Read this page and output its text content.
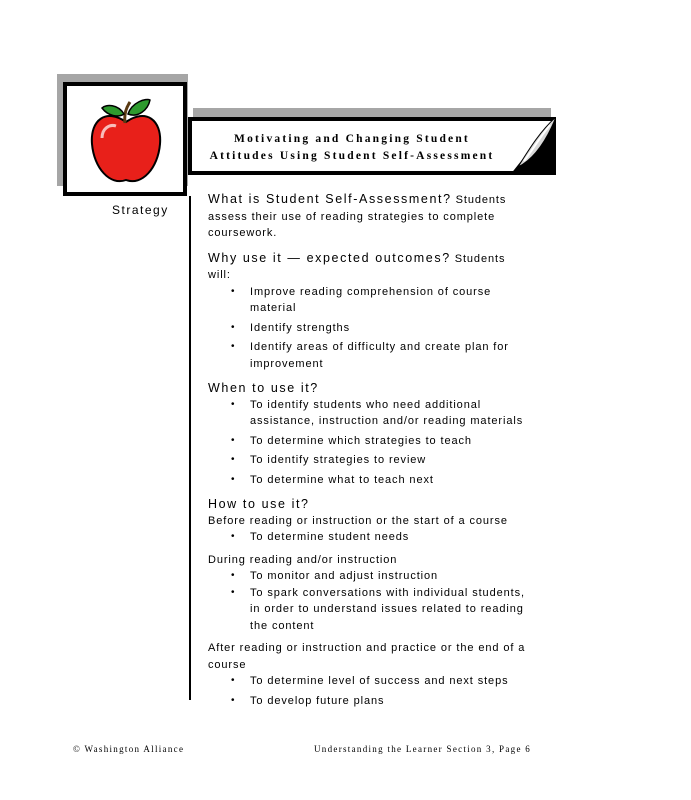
Motivating and Changing Student
Attitudes Using Student Self-Assessment
Strategy
What is Student Self-Assessment? Students assess their use of reading strategies to complete coursework.
Why use it — expected outcomes? Students will:
• Improve reading comprehension of course material
• Identify strengths
• Identify areas of difficulty and create plan for improvement
When to use it?
• To identify students who need additional assistance, instruction and/or reading materials
• To determine which strategies to teach
• To identify strategies to review
• To determine what to teach next
How to use it?
Before reading or instruction or the start of a course
• To determine student needs
During reading and/or instruction
• To monitor and adjust instruction
• To spark conversations with individual students, in order to understand issues related to reading the content
After reading or instruction and practice or the end of a course
• To determine level of success and next steps
• To develop future plans
© Washington Alliance	Understanding the Learner Section 3, Page 6
